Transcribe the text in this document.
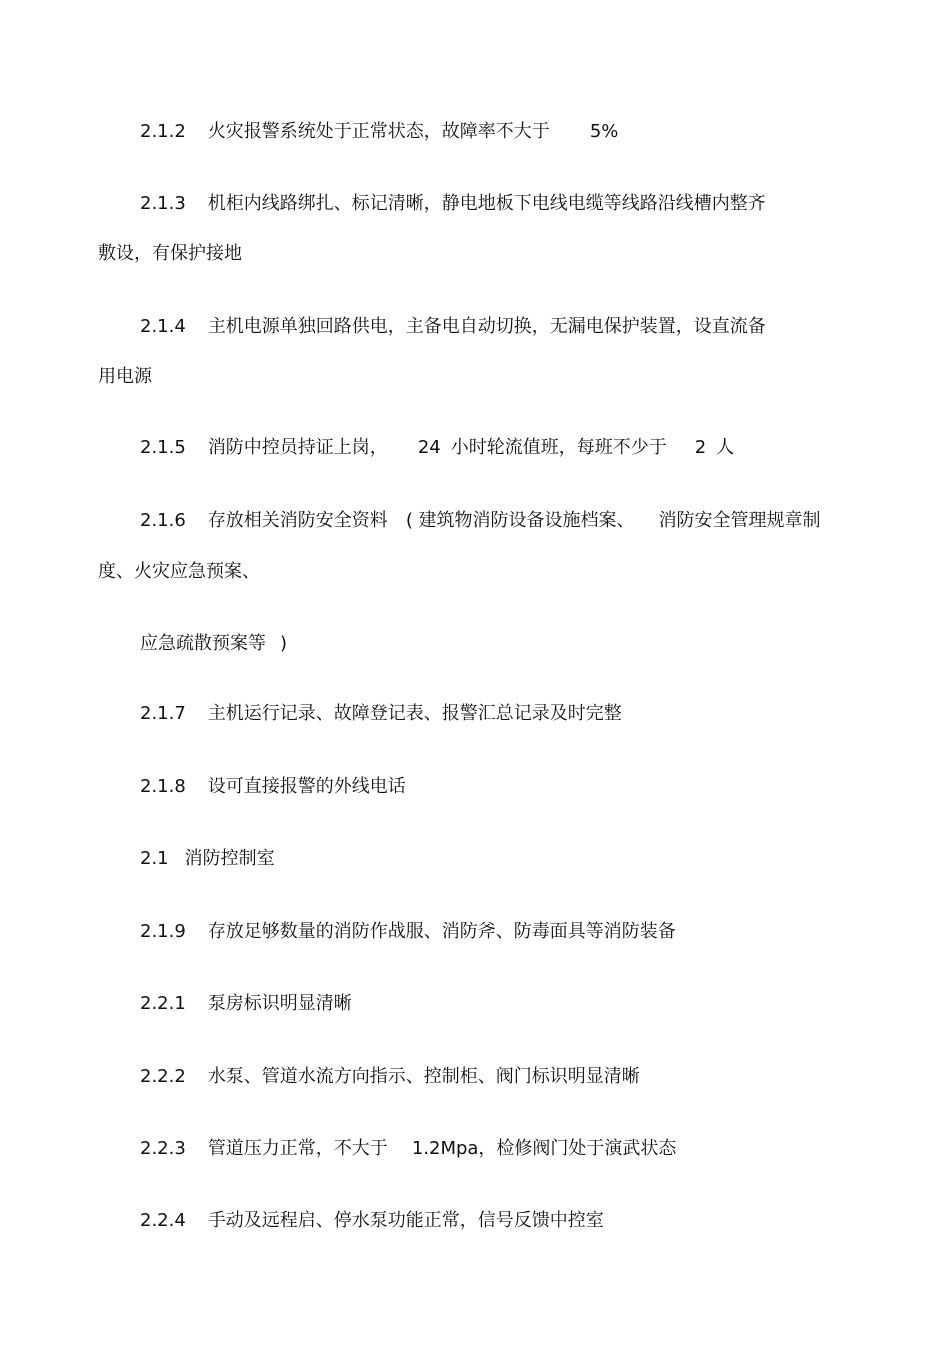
2.1.2 火灾报警系统处于正常状态，故障率不大于 5%
2.1.3 机柜内线路绑扎、标记清晰，静电地板下电线电缆等线路沿线槽内整齐
敷设，有保护接地
2.1.4 主机电源单独回路供电，主备电自动切换，无漏电保护装置，设直流备
用电源
2.1.5 消防中控员持证上岗， 24 小时轮流值班，每班不少于 2 人
2.1.6 存放相关消防安全资料 ( 建筑物消防设备设施档案、 消防安全管理规章制
度、火灾应急预案、
应急疏散预案等 )
2.1.7 主机运行记录、故障登记表、报警汇总记录及时完整
2.1.8 设可直接报警的外线电话
2.1 消防控制室
2.1.9 存放足够数量的消防作战服、消防斧、防毒面具等消防装备
2.2.1 泵房标识明显清晰
2.2.2 水泵、管道水流方向指示、控制柜、阀门标识明显清晰
2.2.3 管道压力正常，不大于 1.2Mpa，检修阀门处于演武状态
2.2.4 手动及远程启、停水泵功能正常，信号反馈中控室
